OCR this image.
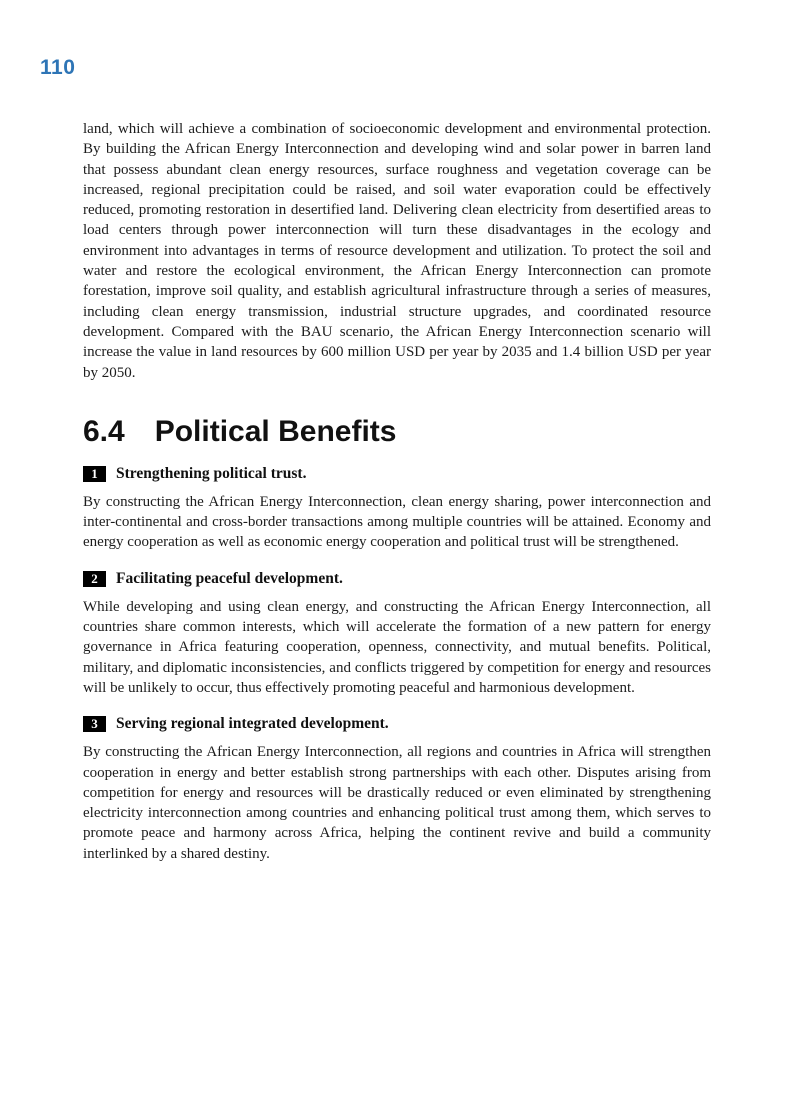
110

land, which will achieve a combination of socioeconomic development and environmental protection. By building the African Energy Interconnection and developing wind and solar power in barren land that possess abundant clean energy resources, surface roughness and vegetation coverage can be increased, regional precipitation could be raised, and soil water evaporation could be effectively reduced, promoting restoration in desertified land. Delivering clean electricity from desertified areas to load centers through power interconnection will turn these disadvantages in the ecology and environment into advantages in terms of resource development and utilization. To protect the soil and water and restore the ecological environment, the African Energy Interconnection can promote forestation, improve soil quality, and establish agricultural infrastructure through a series of measures, including clean energy transmission, industrial structure upgrades, and coordinated resource development. Compared with the BAU scenario, the African Energy Interconnection scenario will increase the value in land resources by 600 million USD per year by 2035 and 1.4 billion USD per year by 2050.

6.4 Political Benefits
1	Strengthening political trust.

By constructing the African Energy Interconnection, clean energy sharing, power interconnection and inter-continental and cross-border transactions among multiple countries will be attained. Economy and energy cooperation as well as economic energy cooperation and political trust will be strengthened.

2	Facilitating peaceful development.

While developing and using clean energy, and constructing the African Energy Interconnection, all countries share common interests, which will accelerate the formation of a new pattern for energy governance in Africa featuring cooperation, openness, connectivity, and mutual benefits. Political, military, and diplomatic inconsistencies, and conflicts triggered by competition for energy and resources will be unlikely to occur, thus effectively promoting peaceful and harmonious development.

3	Serving regional integrated development.

By constructing the African Energy Interconnection, all regions and countries in Africa will strengthen cooperation in energy and better establish strong partnerships with each other. Disputes arising from competition for energy and resources will be drastically reduced or even eliminated by strengthening electricity interconnection among countries and enhancing political trust among them, which serves to promote peace and harmony across Africa, helping the continent revive and build a community interlinked by a shared destiny.
